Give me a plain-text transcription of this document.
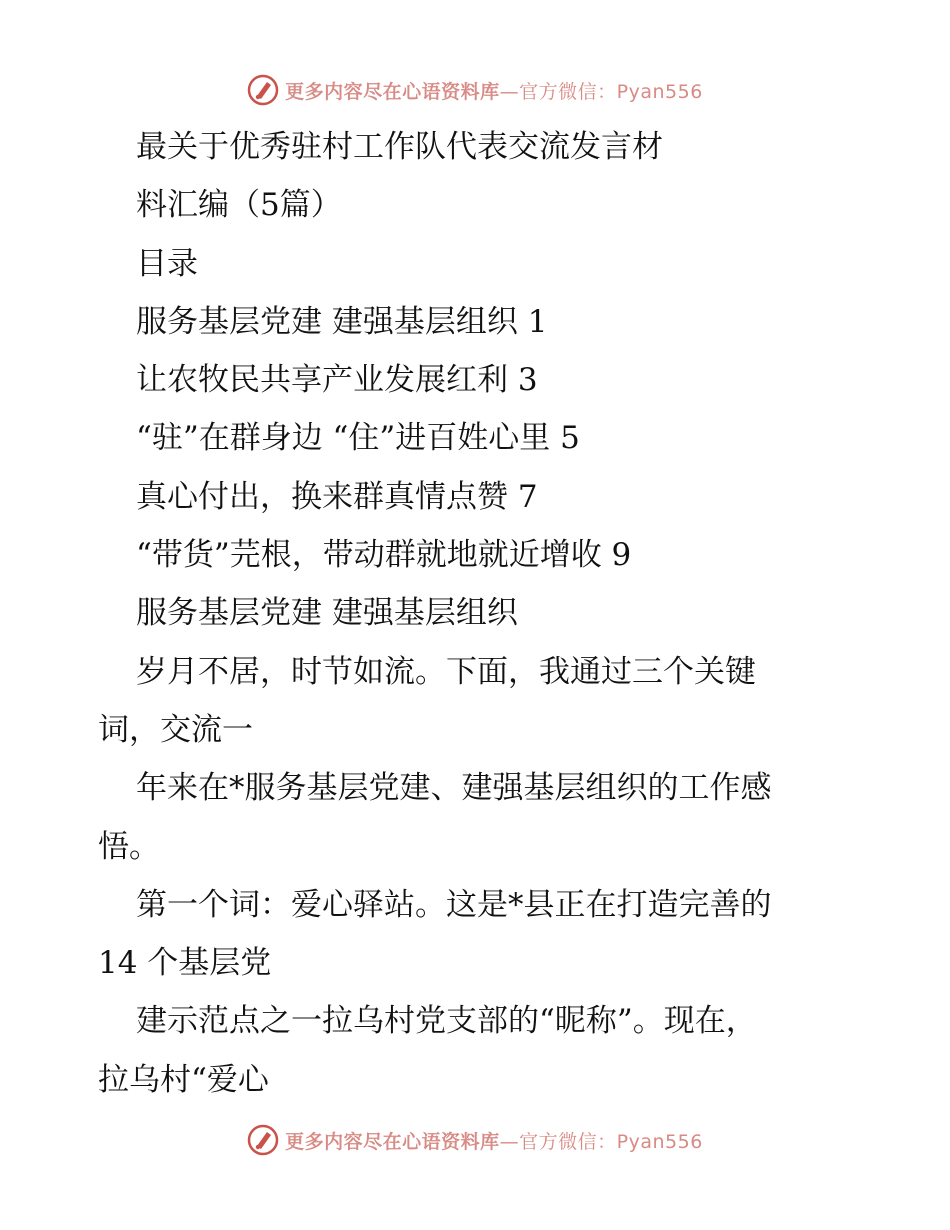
更多内容尽在心语资料库—官方微信：Pyan556
最关于优秀驻村工作队代表交流发言材
料汇编（5篇）
目录
服务基层党建 建强基层组织 1
让农牧民共享产业发展红利 3
“驻”在群身边 “住”进百姓心里 5
真心付出，换来群真情点赞 7
“带货”芫根，带动群就地就近增收 9
服务基层党建 建强基层组织
岁月不居，时节如流。下面，我通过三个关键
词，交流一
年来在*服务基层党建、建强基层组织的工作感
悟。
第一个词：爱心驿站。这是*县正在打造完善的
14 个基层党
建示范点之一拉乌村党支部的“昵称”。现在，
拉乌村“爱心
更多内容尽在心语资料库—官方微信：Pyan556
